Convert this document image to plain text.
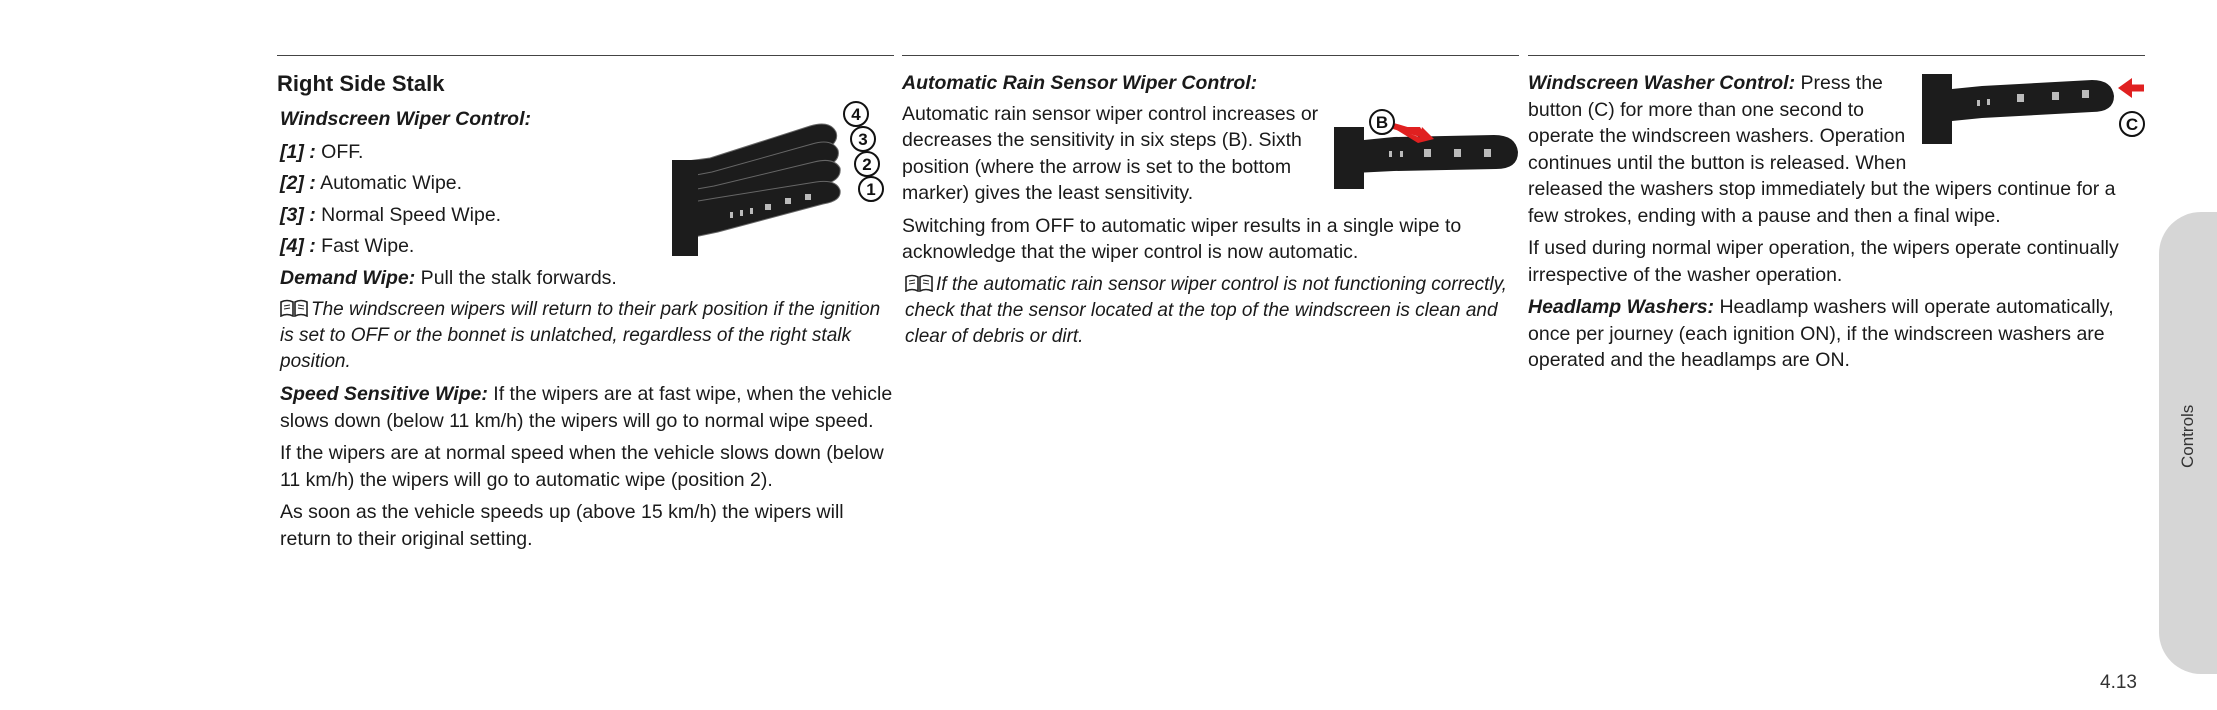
Right Side Stalk
4
3
2
1
Windscreen Wiper Control:
[1] : OFF.
[2] : Automatic Wipe.
[3] : Normal Speed Wipe.
[4] : Fast Wipe.
Demand Wipe: Pull the stalk forwards.
The windscreen wipers will return to their park position if the ignition is set to OFF or the bonnet is unlatched, regardless of the right stalk position.
Speed Sensitive Wipe: If the wipers are at fast wipe, when the vehicle slows down (below 11 km/h) the wipers will go to normal wipe speed.
If the wipers are at normal speed when the vehicle slows down (below 11 km/h) the wipers will go to automatic wipe (position 2).
As soon as the vehicle speeds up (above 15 km/h) the wipers will return to their original setting.
Automatic Rain Sensor Wiper Control:
B
Automatic rain sensor wiper control increases or decreases the sensitivity in six steps (B). Sixth position (where the arrow is set to the bottom marker) gives the least sensitivity.
Switching from OFF to automatic wiper results in a single wipe to acknowledge that the wiper control is now automatic.
If the automatic rain sensor wiper control is not functioning correctly, check that the sensor located at the top of the windscreen is clean and clear of debris or dirt.
C
Windscreen Washer Control: Press the button (C) for more than one second to operate the windscreen washers. Operation continues until the button is released. When released the washers stop immediately but the wipers continue for a few strokes, ending with a pause and then a final wipe.
If used during normal wiper operation, the wipers operate continually irrespective of the washer operation.
Headlamp Washers: Headlamp washers will operate automatically, once per journey (each ignition ON), if the windscreen washers are operated and the headlamps are ON.
Controls
4.13
